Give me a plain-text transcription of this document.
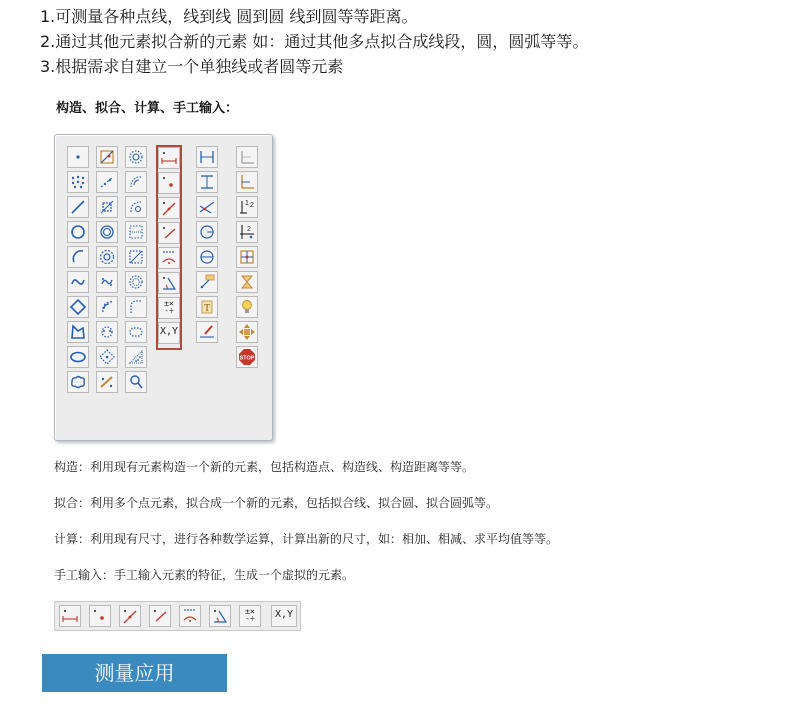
1.可测量各种点线，线到线 圆到圆 线到圆等等距离。
2.通过其他元素拟合新的元素 如：通过其他多点拟合成线段，圆，圆弧等等。
3.根据需求自建立一个单独线或者圆等元素
构造、拟合、计算、手工输入：
±×
-÷
X,Y
T
2
1
2
STOP
构造：利用现有元素构造一个新的元素，包括构造点、构造线、构造距离等等。
拟合：利用多个点元素，拟合成一个新的元素，包括拟合线、拟合圆、拟合圆弧等。
计算：利用现有尺寸，进行各种数学运算，计算出新的尺寸，如：相加、相减、求平均值等等。
手工输入：手工输入元素的特征，生成一个虚拟的元素。
±×
-÷	X,Y
测量应用
